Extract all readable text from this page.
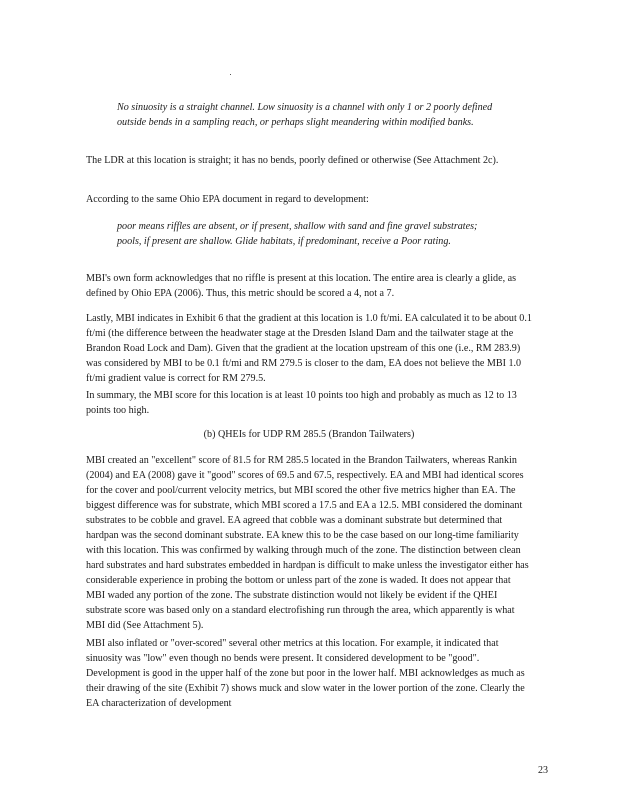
No sinuosity is a straight channel. Low sinuosity is a channel with only 1 or 2 poorly defined outside bends in a sampling reach, or perhaps slight meandering within modified banks.

The LDR at this location is straight; it has no bends, poorly defined or otherwise (See Attachment 2c).

According to the same Ohio EPA document in regard to development:

poor means riffles are absent, or if present, shallow with sand and fine gravel substrates; pools, if present are shallow. Glide habitats, if predominant, receive a Poor rating.

MBI's own form acknowledges that no riffle is present at this location. The entire area is clearly a glide, as defined by Ohio EPA (2006). Thus, this metric should be scored a 4, not a 7.

Lastly, MBI indicates in Exhibit 6 that the gradient at this location is 1.0 ft/mi. EA calculated it to be about 0.1 ft/mi (the difference between the headwater stage at the Dresden Island Dam and the tailwater stage at the Brandon Road Lock and Dam). Given that the gradient at the location upstream of this one (i.e., RM 283.9) was considered by MBI to be 0.1 ft/mi and RM 279.5 is closer to the dam, EA does not believe the MBI 1.0 ft/mi gradient value is correct for RM 279.5.

In summary, the MBI score for this location is at least 10 points too high and probably as much as 12 to 13 points too high.

(b) QHEIs for UDP RM 285.5 (Brandon Tailwaters)

MBI created an "excellent" score of 81.5 for RM 285.5 located in the Brandon Tailwaters, whereas Rankin (2004) and EA (2008) gave it "good" scores of 69.5 and 67.5, respectively. EA and MBI had identical scores for the cover and pool/current velocity metrics, but MBI scored the other five metrics higher than EA. The biggest difference was for substrate, which MBI scored a 17.5 and EA a 12.5. MBI considered the dominant substrates to be cobble and gravel. EA agreed that cobble was a dominant substrate but determined that hardpan was the second dominant substrate. EA knew this to be the case based on our long-time familiarity with this location. This was confirmed by walking through much of the zone. The distinction between clean hard substrates and hard substrates embedded in hardpan is difficult to make unless the investigator either has considerable experience in probing the bottom or unless part of the zone is waded. It does not appear that MBI waded any portion of the zone. The substrate distinction would not likely be evident if the QHEI substrate score was based only on a standard electrofishing run through the area, which apparently is what MBI did (See Attachment 5).

MBI also inflated or "over-scored" several other metrics at this location. For example, it indicated that sinuosity was "low" even though no bends were present. It considered development to be "good". Development is good in the upper half of the zone but poor in the lower half. MBI acknowledges as much as their drawing of the site (Exhibit 7) shows muck and slow water in the lower portion of the zone. Clearly the EA characterization of development

23
